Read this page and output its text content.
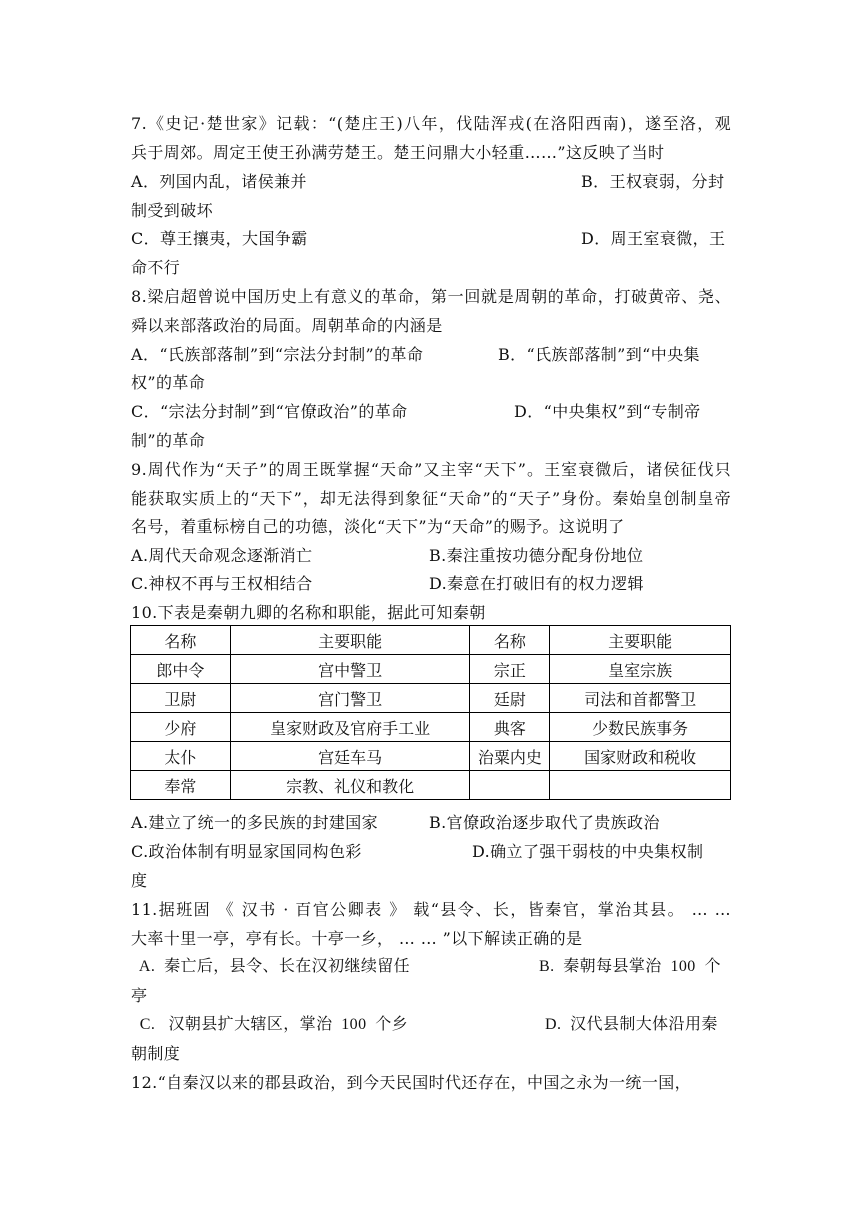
7.《史记·楚世家》记载：“(楚庄王)八年，伐陆浑戎(在洛阳西南)，遂至洛，观
兵于周郊。周定王使王孙满劳楚王。楚王问鼎大小轻重……”这反映了当时
A．列国内乱，诸侯兼并	B．王权衰弱，分封
制受到破坏
C．尊王攘夷，大国争霸	D．周王室衰微，王
命不行
8.梁启超曾说中国历史上有意义的革命，第一回就是周朝的革命，打破黄帝、尧、
舜以来部落政治的局面。周朝革命的内涵是
A．“氏族部落制”到“宗法分封制”的革命	B．“氏族部落制”到“中央集
权”的革命
C．“宗法分封制”到“官僚政治”的革命	D．“中央集权”到“专制帝
制”的革命
9.周代作为“天子”的周王既掌握“天命”又主宰“天下”。王室衰微后，诸侯征伐只
能获取实质上的“天下”，却无法得到象征“天命”的“天子”身份。秦始皇创制皇帝
名号，着重标榜自己的功德，淡化“天下”为“天命”的赐予。这说明了
A.周代天命观念逐渐消亡	B.秦注重按功德分配身份地位
C.神权不再与王权相结合	D.秦意在打破旧有的权力逻辑
10.下表是秦朝九卿的名称和职能，据此可知秦朝
名称	主要职能	名称	主要职能
郎中令	宫中警卫	宗正	皇室宗族
卫尉	宫门警卫	廷尉	司法和首都警卫
少府	皇家财政及官府手工业	典客	少数民族事务
太仆	宫廷车马	治粟内史	国家财政和税收
奉常	宗教、礼仪和教化		
A.建立了统一的多民族的封建国家	B.官僚政治逐步取代了贵族政治
C.政治体制有明显家国同构色彩	D.确立了强干弱枝的中央集权制
度
11.据班固 《 汉书 · 百官公卿表 》 载“县令、长，皆秦官，掌治其县。 … …
大率十里一亭，亭有长。十亭一乡， … … ”以下解读正确的是
A.  秦亡后，县令、长在汉初继续留任	B.  秦朝每县掌治  100  个
亭
C.   汉朝县扩大辖区，掌治  100  个乡	D.  汉代县制大体沿用秦
朝制度
12.“自秦汉以来的郡县政治，到今天民国时代还存在，中国之永为一统一国，
